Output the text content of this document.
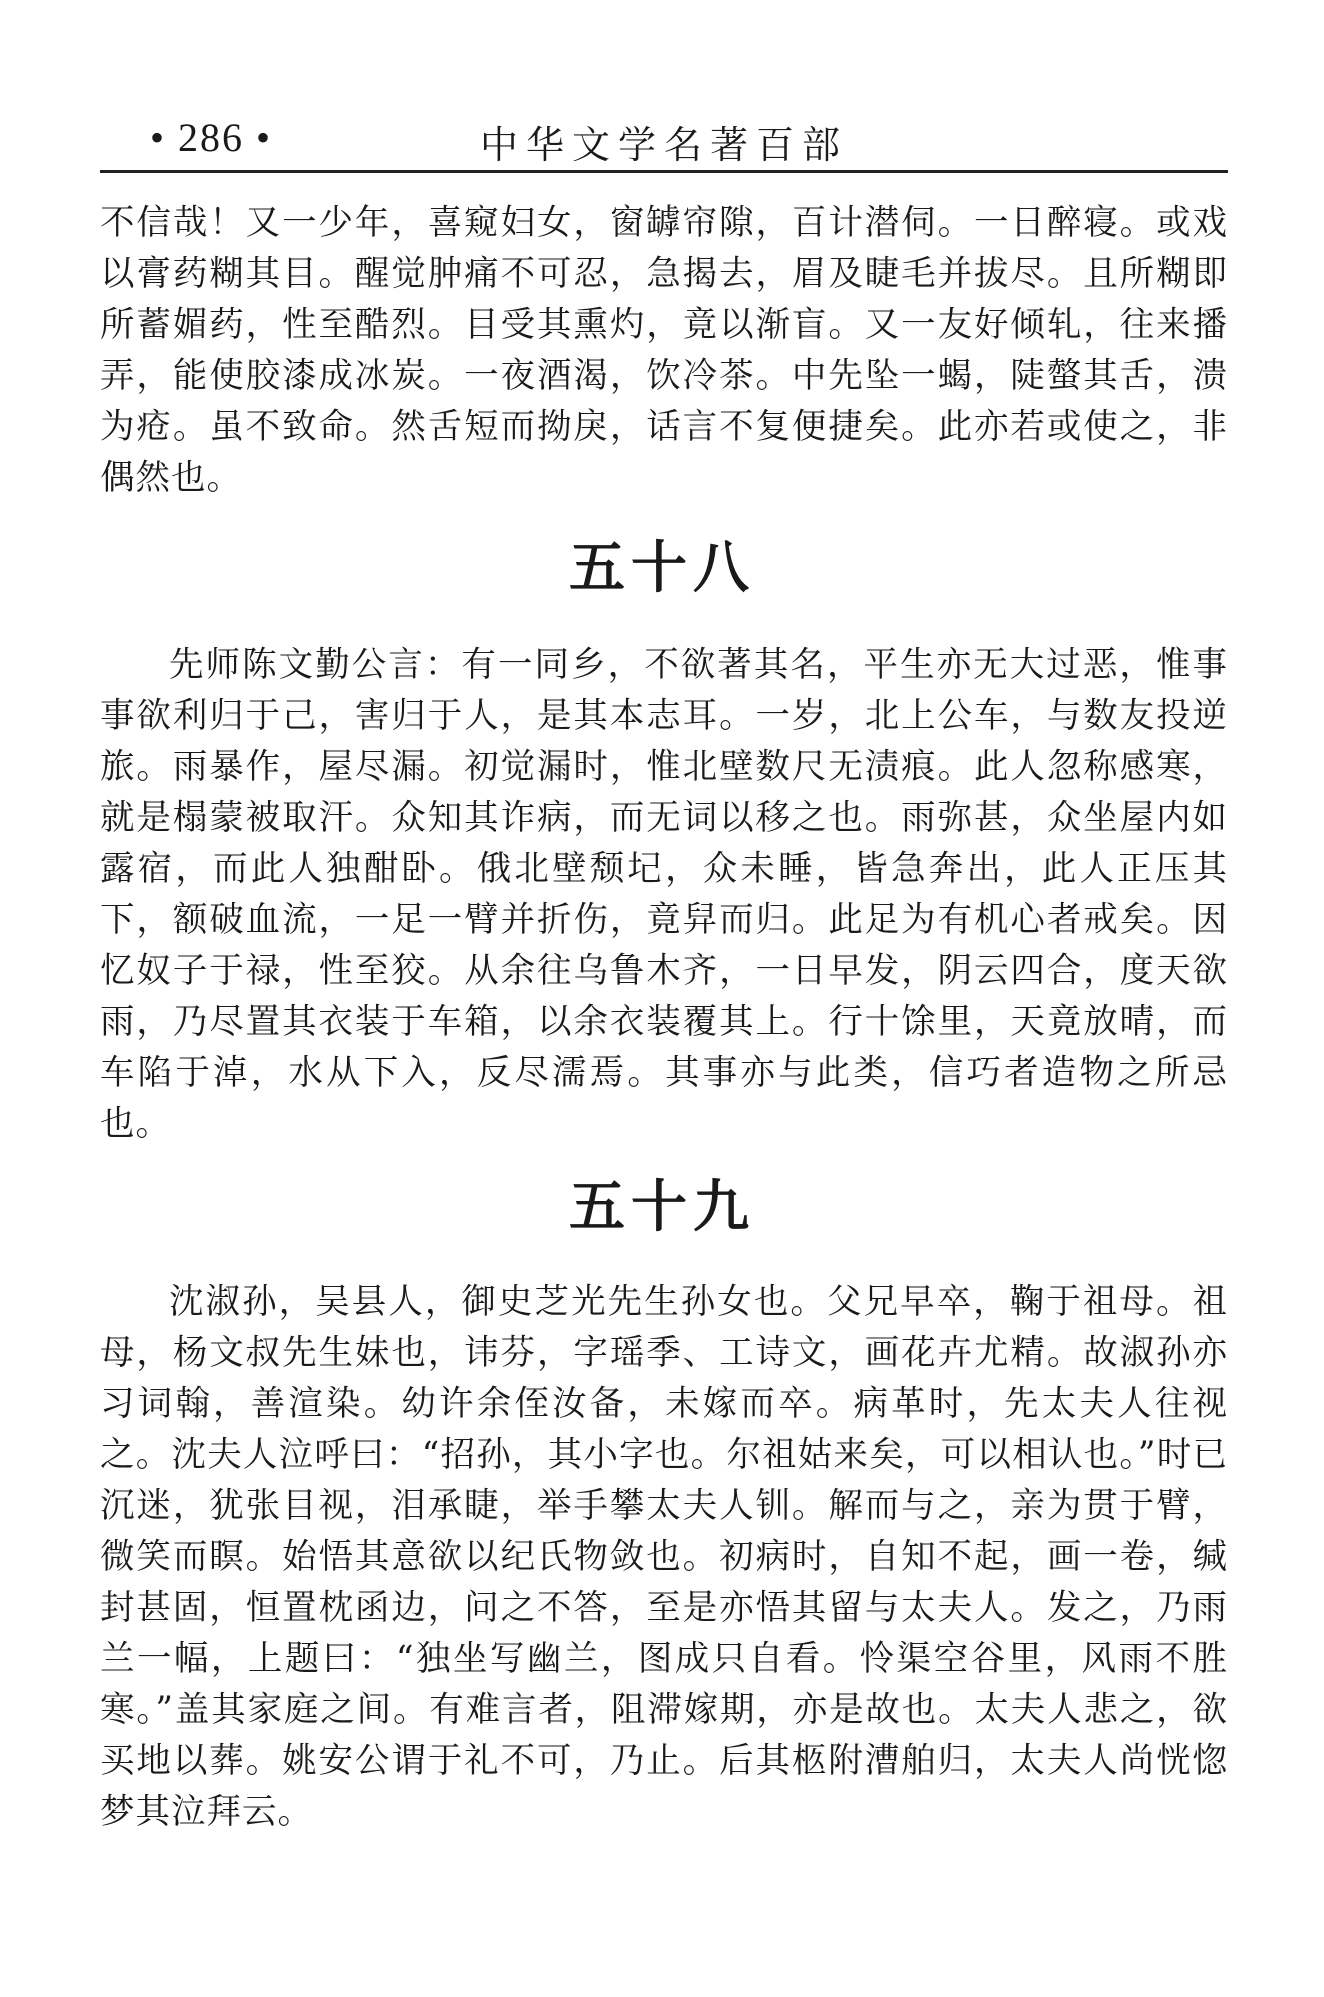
• 286 •	中华文学名著百部

不信哉！又一少年，喜窥妇女，窗罅帘隙，百计潜伺。一日醉寝。或戏以膏药糊其目。醒觉肿痛不可忍，急揭去，眉及睫毛并拔尽。且所糊即所蓄媚药，性至酷烈。目受其熏灼，竟以渐盲。又一友好倾轧，往来播弄，能使胶漆成冰炭。一夜酒渴，饮冷茶。中先坠一蝎，陡螫其舌，溃为疮。虽不致命。然舌短而拗戾，话言不复便捷矣。此亦若或使之，非偶然也。

五十八

先师陈文勤公言：有一同乡，不欲著其名，平生亦无大过恶，惟事事欲利归于己，害归于人，是其本志耳。一岁，北上公车，与数友投逆旅。雨暴作，屋尽漏。初觉漏时，惟北壁数尺无渍痕。此人忽称感寒，就是榻蒙被取汗。众知其诈病，而无词以移之也。雨弥甚，众坐屋内如露宿，而此人独酣卧。俄北壁颓圮，众未睡，皆急奔出，此人正压其下，额破血流，一足一臂并折伤，竟舁而归。此足为有机心者戒矣。因忆奴子于禄，性至狡。从余往乌鲁木齐，一日早发，阴云四合，度天欲雨，乃尽置其衣装于车箱，以余衣装覆其上。行十馀里，天竟放晴，而车陷于淖，水从下入，反尽濡焉。其事亦与此类，信巧者造物之所忌也。

五十九

沈淑孙，吴县人，御史芝光先生孙女也。父兄早卒，鞠于祖母。祖母，杨文叔先生妹也，讳芬，字瑶季、工诗文，画花卉尤精。故淑孙亦习词翰，善渲染。幼许余侄汝备，未嫁而卒。病革时，先太夫人往视之。沈夫人泣呼曰：“招孙，其小字也。尔祖姑来矣，可以相认也。”时已沉迷，犹张目视，泪承睫，举手攀太夫人钏。解而与之，亲为贯于臂，微笑而瞑。始悟其意欲以纪氏物敛也。初病时，自知不起，画一卷，缄封甚固，恒置枕函边，问之不答，至是亦悟其留与太夫人。发之，乃雨兰一幅，上题曰：“独坐写幽兰，图成只自看。怜渠空谷里，风雨不胜寒。”盖其家庭之间。有难言者，阻滞嫁期，亦是故也。太夫人悲之，欲买地以葬。姚安公谓于礼不可，乃止。后其柩附漕舶归，太夫人尚恍惚梦其泣拜云。
